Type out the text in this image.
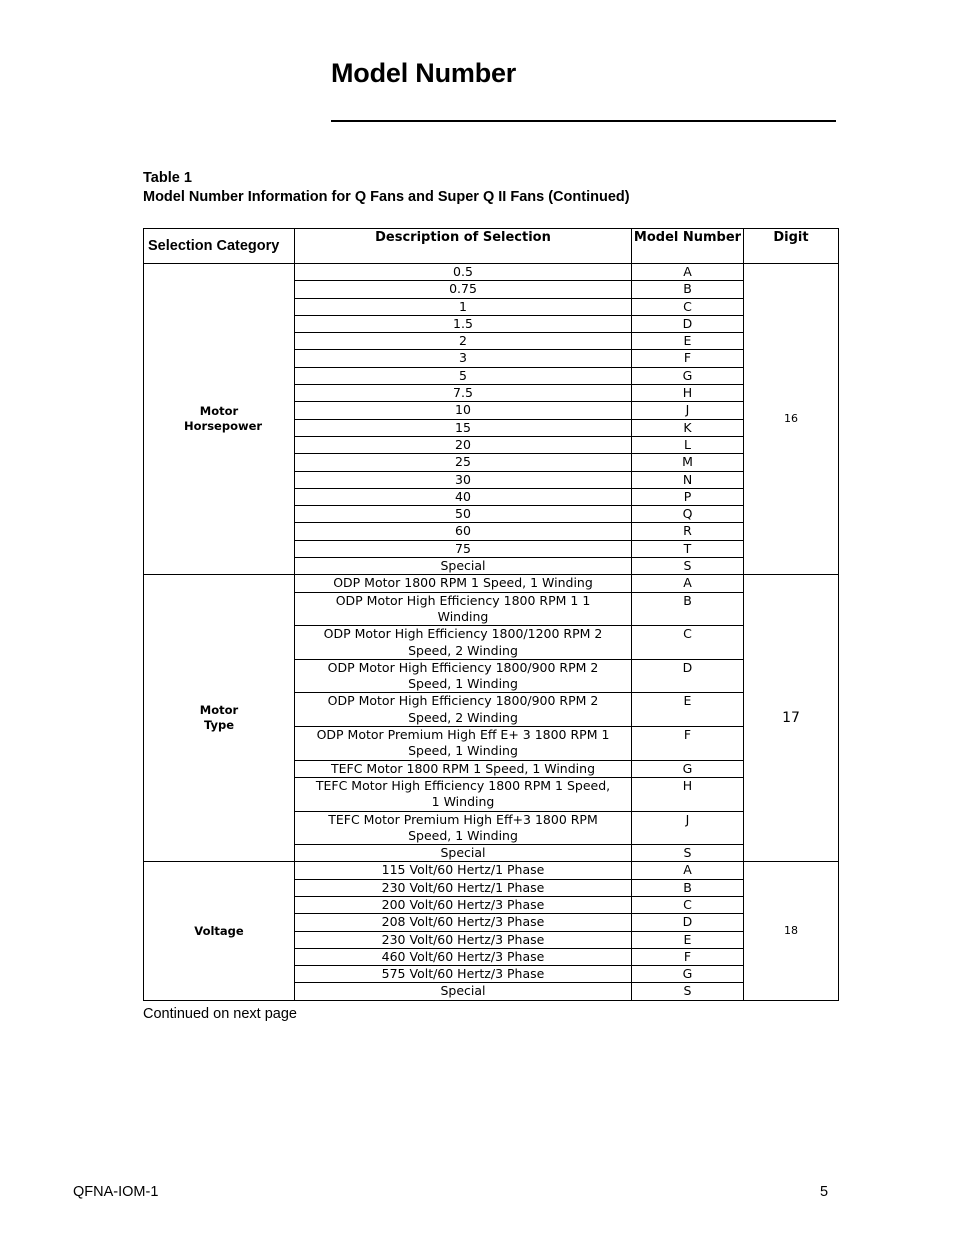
Model Number
Table 1
Model Number Information for Q Fans and Super Q II Fans (Continued)
Selection Category	Description of Selection	Model Number	Digit
Motor Horsepower	0.5	A	16
	0.75	B	
	1	C	
	1.5	D	
	2	E	
	3	F	
	5	G	
	7.5	H	
	10	J	
	15	K	
	20	L	
	25	M	
	30	N	
	40	P	
	50	Q	
	60	R	
	75	T	
	Special	S	
Motor Type	ODP Motor 1800 RPM 1 Speed, 1 Winding	A	17
	ODP Motor High Efficiency 1800 RPM 1 1 Winding	B	
	ODP Motor High Efficiency 1800/1200 RPM 2 Speed, 2 Winding	C	
	ODP Motor High Efficiency 1800/900 RPM 2 Speed, 1 Winding	D	
	ODP Motor High Efficiency 1800/900 RPM 2 Speed, 2 Winding	E	
	ODP Motor Premium High Eff E+ 3 1800 RPM 1 Speed, 1 Winding	F	
	TEFC Motor 1800 RPM 1 Speed, 1 Winding	G	
	TEFC Motor High Efficiency 1800 RPM 1 Speed, 1 Winding	H	
	TEFC Motor Premium High Eff+3 1800 RPM Speed, 1 Winding	J	
	Special	S	
Voltage	115 Volt/60 Hertz/1 Phase	A	18
	230 Volt/60 Hertz/1 Phase	B	
	200 Volt/60 Hertz/3 Phase	C	
	208 Volt/60 Hertz/3 Phase	D	
	230 Volt/60 Hertz/3 Phase	E	
	460 Volt/60 Hertz/3 Phase	F	
	575 Volt/60 Hertz/3 Phase	G	
	Special	S	
Continued on next page
QFNA-IOM-1	5
